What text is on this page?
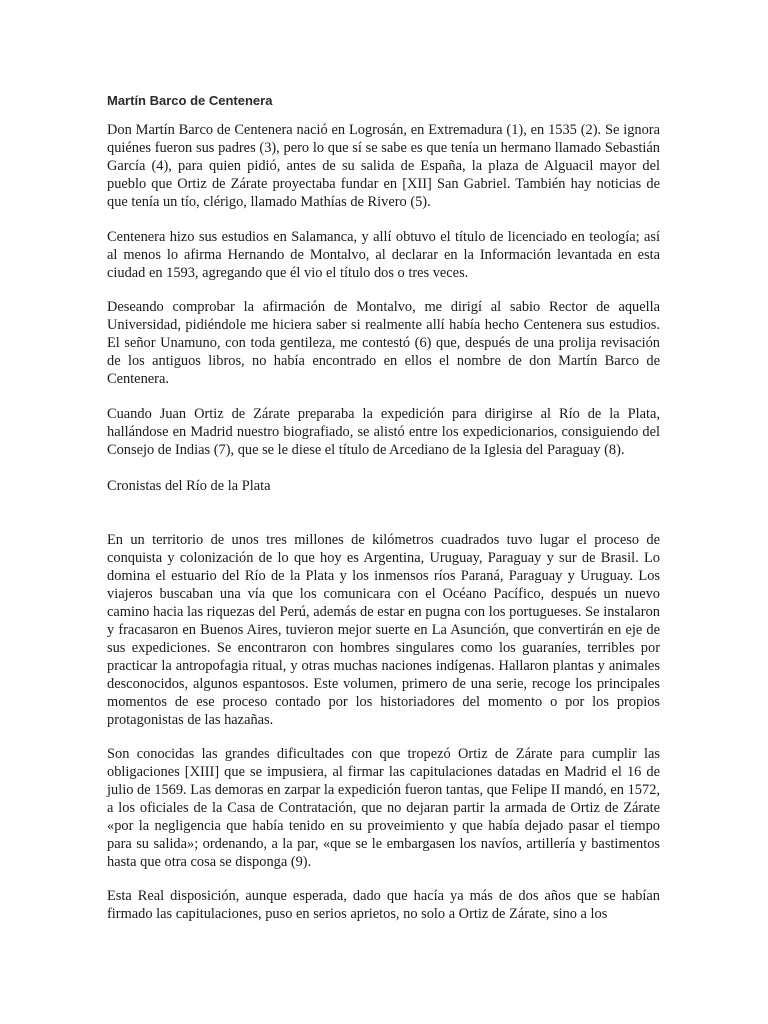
Martín Barco de Centenera

Don Martín Barco de Centenera nació en Logrosán, en Extremadura (1), en 1535 (2). Se ignora quiénes fueron sus padres (3), pero lo que sí se sabe es que tenía un hermano llamado Sebastián García (4), para quien pidió, antes de su salida de España, la plaza de Alguacil mayor del pueblo que Ortiz de Zárate proyectaba fundar en [XII] San Gabriel. También hay noticias de que tenía un tío, clérigo, llamado Mathías de Rivero (5).

Centenera hizo sus estudios en Salamanca, y allí obtuvo el título de licenciado en teología; así al menos lo afirma Hernando de Montalvo, al declarar en la Información levantada en esta ciudad en 1593, agregando que él vio el título dos o tres veces.

Deseando comprobar la afirmación de Montalvo, me dirigí al sabio Rector de aquella Universidad, pidiéndole me hiciera saber si realmente allí había hecho Centenera sus estudios. El señor Unamuno, con toda gentileza, me contestó (6) que, después de una prolija revisación de los antiguos libros, no había encontrado en ellos el nombre de don Martín Barco de Centenera.

Cuando Juan Ortiz de Zárate preparaba la expedición para dirigirse al Río de la Plata, hallándose en Madrid nuestro biografiado, se alistó entre los expedicionarios, consiguiendo del Consejo de Indias (7), que se le diese el título de Arcediano de la Iglesia del Paraguay (8).

Cronistas del Río de la Plata

En un territorio de unos tres millones de kilómetros cuadrados tuvo lugar el proceso de conquista y colonización de lo que hoy es Argentina, Uruguay, Paraguay y sur de Brasil. Lo domina el estuario del Río de la Plata y los inmensos ríos Paraná, Paraguay y Uruguay. Los viajeros buscaban una vía que los comunicara con el Océano Pacífico, después un nuevo camino hacia las riquezas del Perú, además de estar en pugna con los portugueses. Se instalaron y fracasaron en Buenos Aires, tuvieron mejor suerte en La Asunción, que convertirán en eje de sus expediciones. Se encontraron con hombres singulares como los guaraníes, terribles por practicar la antropofagia ritual, y otras muchas naciones indígenas. Hallaron plantas y animales desconocidos, algunos espantosos. Este volumen, primero de una serie, recoge los principales momentos de ese proceso contado por los historiadores del momento o por los propios protagonistas de las hazañas.

Son conocidas las grandes dificultades con que tropezó Ortiz de Zárate para cumplir las obligaciones [XIII] que se impusiera, al firmar las capitulaciones datadas en Madrid el 16 de julio de 1569. Las demoras en zarpar la expedición fueron tantas, que Felipe II mandó, en 1572, a los oficiales de la Casa de Contratación, que no dejaran partir la armada de Ortiz de Zárate «por la negligencia que había tenido en su proveimiento y que había dejado pasar el tiempo para su salida»; ordenando, a la par, «que se le embargasen los navíos, artillería y bastimentos hasta que otra cosa se disponga (9).

Esta Real disposición, aunque esperada, dado que hacía ya más de dos años que se habían firmado las capitulaciones, puso en serios aprietos, no solo a Ortiz de Zárate, sino a los
